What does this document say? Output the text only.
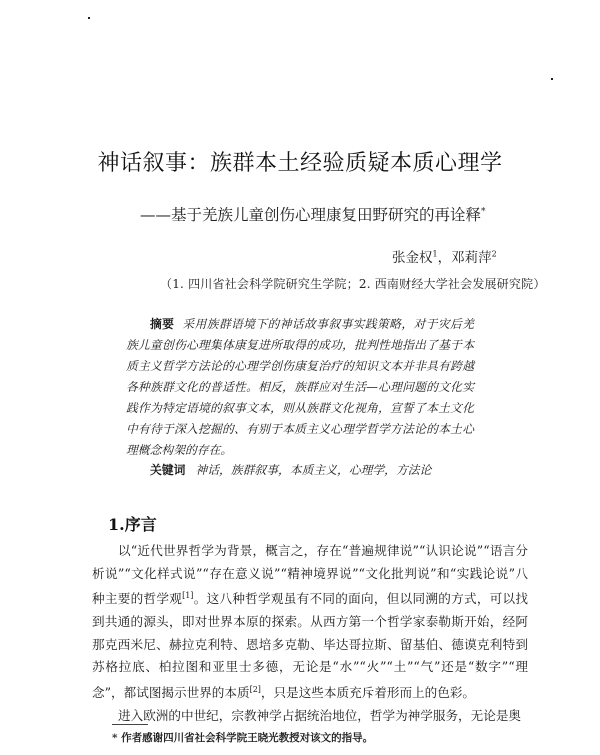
神话叙事：族群本土经验质疑本质心理学
——基于羌族儿童创伤心理康复田野研究的再诠释*
张金权$^1$，邓莉萍$^2$
（1. 四川省社会科学院研究生学院；2. 西南财经大学社会发展研究院）
摘要 采用族群语境下的神话故事叙事实践策略，对于灾后羌族儿童创伤心理集体康复进所取得的成功，批判性地指出了基于本质主义哲学方法论的心理学创伤康复治疗的知识文本并非具有跨越各种族群文化的普适性。相反，族群应对生活—心理问题的文化实践作为特定语境的叙事文本，则从族群文化视角，宣誓了本土文化中有待于深入挖掘的、有别于本质主义心理学哲学方法论的本土心理概念构架的存在。
关键词 神话，族群叙事，本质主义，心理学，方法论
1.序言

以“近代世界哲学为背景，概言之，存在“普遍规律说”“认识论说”“语言分析说”“文化样式说”“存在意义说”“精神境界说”“文化批判说”和“实践论说”八种主要的哲学观[1]。这八种哲学观虽有不同的面向，但以同溯的方式，可以找到共通的源头，即对世界本原的探索。从西方第一个哲学家泰勒斯开始，经阿那克西米尼、赫拉克利特、恩培多克勒、毕达哥拉斯、留基伯、德谟克利特到苏格拉底、柏拉图和亚里士多德，无论是“水”“火”“土”“气”还是“数字”“理念”，都试图揭示世界的本质[2]，只是这些本质充斥着形而上的色彩。

进入欧洲的中世纪，宗教神学占据统治地位，哲学为神学服务，无论是奥

* 作者感谢四川省社会科学院王晓光教授对该文的指导。
